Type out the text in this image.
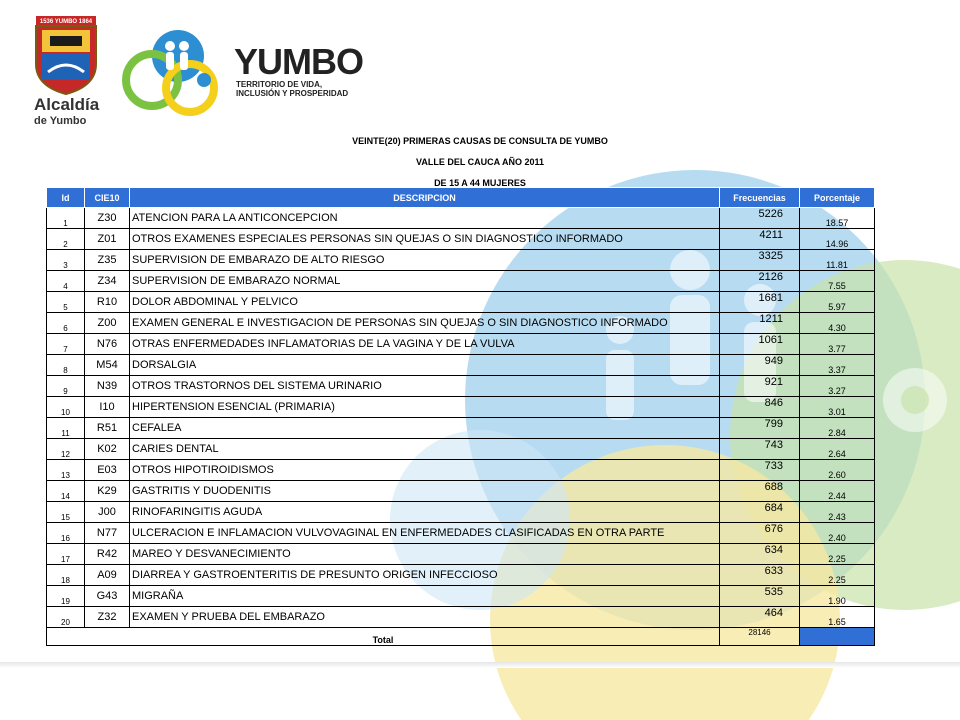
1536 YUMBO 1864
Alcaldía
de Yumbo
YUMBO
TERRITORIO DE VIDA,
INCLUSIÓN Y PROSPERIDAD
VEINTE(20) PRIMERAS CAUSAS DE CONSULTA DE YUMBO
VALLE DEL CAUCA AÑO 2011
DE 15 A 44 MUJERES
Id	CIE10	DESCRIPCION	Frecuencias	Porcentaje
1	Z30	ATENCION PARA LA ANTICONCEPCION	5226	18.57
2	Z01	OTROS EXAMENES ESPECIALES PERSONAS SIN QUEJAS O SIN DIAGNOSTICO INFORMADO	4211	14.96
3	Z35	SUPERVISION DE EMBARAZO DE ALTO RIESGO	3325	11.81
4	Z34	SUPERVISION DE EMBARAZO NORMAL	2126	7.55
5	R10	DOLOR ABDOMINAL Y PELVICO	1681	5.97
6	Z00	EXAMEN GENERAL E INVESTIGACION DE PERSONAS SIN QUEJAS O SIN DIAGNOSTICO INFORMADO	1211	4.30
7	N76	OTRAS ENFERMEDADES INFLAMATORIAS DE LA VAGINA Y DE LA VULVA	1061	3.77
8	M54	DORSALGIA	949	3.37
9	N39	OTROS TRASTORNOS DEL SISTEMA URINARIO	921	3.27
10	I10	HIPERTENSION ESENCIAL (PRIMARIA)	846	3.01
11	R51	CEFALEA	799	2.84
12	K02	CARIES DENTAL	743	2.64
13	E03	OTROS HIPOTIROIDISMOS	733	2.60
14	K29	GASTRITIS Y DUODENITIS	688	2.44
15	J00	RINOFARINGITIS AGUDA	684	2.43
16	N77	ULCERACION E INFLAMACION VULVOVAGINAL EN ENFERMEDADES CLASIFICADAS EN OTRA PARTE	676	2.40
17	R42	MAREO Y DESVANECIMIENTO	634	2.25
18	A09	DIARREA Y GASTROENTERITIS DE PRESUNTO ORIGEN INFECCIOSO	633	2.25
19	G43	MIGRAÑA	535	1.90
20	Z32	EXAMEN Y PRUEBA DEL EMBARAZO	464	1.65
Total			28146	
